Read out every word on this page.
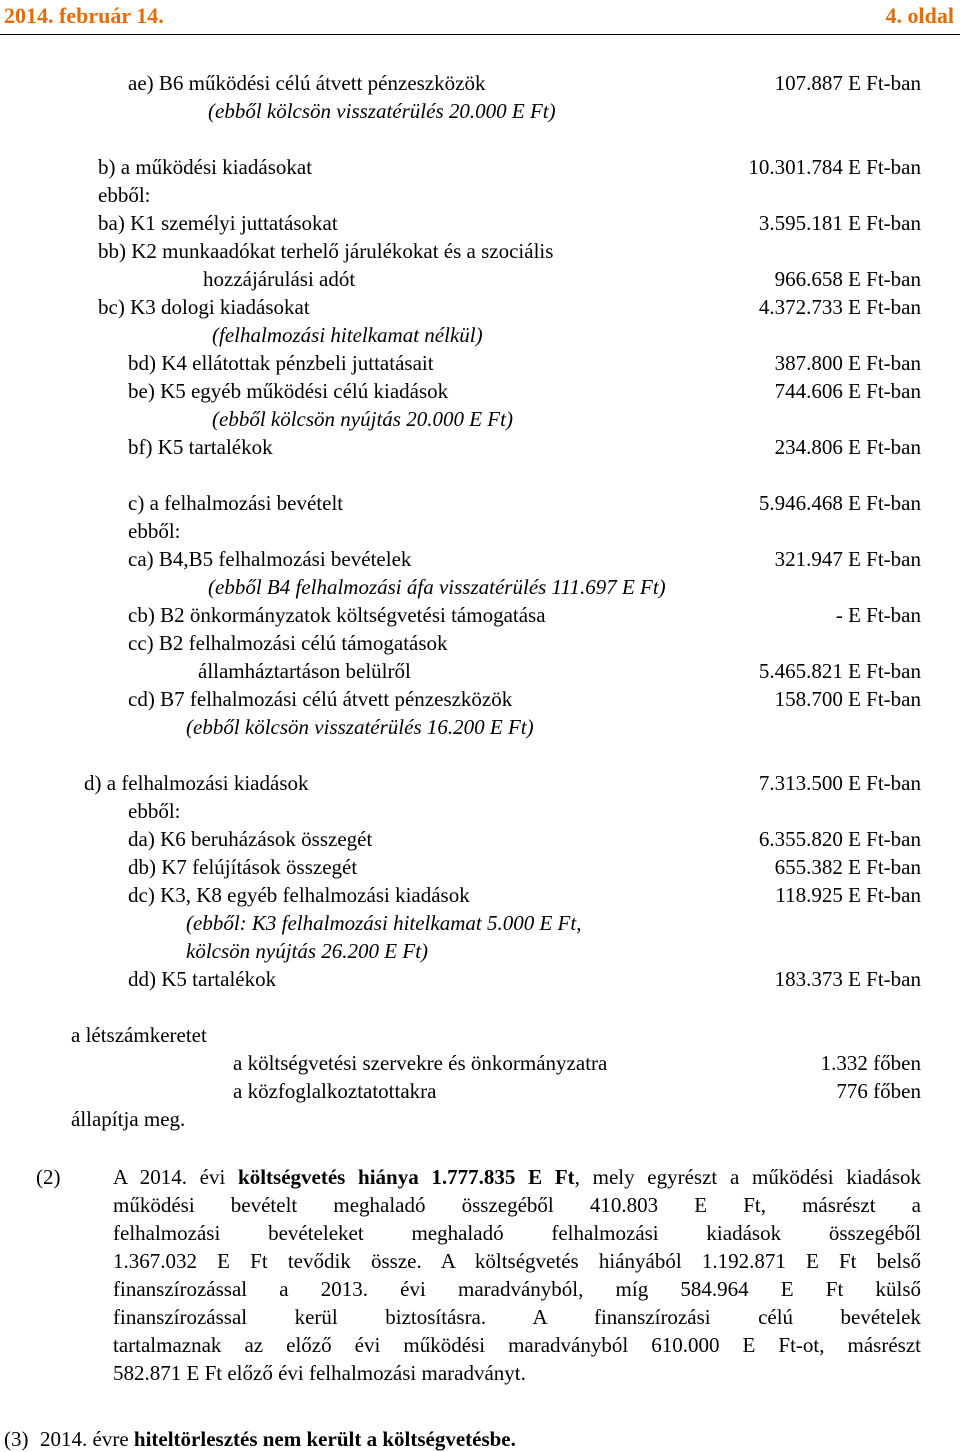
2014. február 14.	4. oldal
ae) B6 működési célú átvett pénzeszközök	107.887 E Ft-ban
(ebből kölcsön visszatérülés 20.000 E Ft)
b) a működési kiadásokat	10.301.784 E Ft-ban
ebből:
ba) K1 személyi juttatásokat	3.595.181 E Ft-ban
bb) K2 munkaadókat terhelő járulékokat és a szociális
hozzájárulási adót	966.658 E Ft-ban
bc) K3 dologi kiadásokat	4.372.733 E Ft-ban
(felhalmozási hitelkamat nélkül)
bd) K4 ellátottak pénzbeli juttatásait	387.800 E Ft-ban
be) K5 egyéb működési célú kiadások	744.606 E Ft-ban
(ebből kölcsön nyújtás 20.000 E Ft)
bf) K5 tartalékok	234.806 E Ft-ban
c) a felhalmozási bevételt	5.946.468 E Ft-ban
ebből:
ca) B4,B5 felhalmozási bevételek	321.947 E Ft-ban
(ebből B4 felhalmozási áfa visszatérülés 111.697 E Ft)
cb) B2 önkormányzatok költségvetési támogatása	- E Ft-ban
cc) B2 felhalmozási célú támogatások
államháztartáson belülről	5.465.821 E Ft-ban
cd) B7 felhalmozási célú átvett pénzeszközök	158.700 E Ft-ban
(ebből kölcsön visszatérülés 16.200 E Ft)
d) a felhalmozási kiadások	7.313.500 E Ft-ban
ebből:
da) K6 beruházások összegét	6.355.820 E Ft-ban
db) K7 felújítások összegét	655.382 E Ft-ban
dc) K3, K8 egyéb felhalmozási kiadások	118.925 E Ft-ban
(ebből: K3 felhalmozási hitelkamat 5.000 E Ft,
kölcsön nyújtás 26.200 E Ft)
dd) K5 tartalékok	183.373 E Ft-ban
a létszámkeretet
a költségvetési szervekre és önkormányzatra	1.332 főben
a közfoglalkoztatottakra	776 főben
állapítja meg.
(2)	A 2014. évi költségvetés hiánya 1.777.835 E Ft, mely egyrészt a működési kiadások
működési bevételt meghaladó összegéből 410.803 E Ft, másrészt a
felhalmozási bevételeket meghaladó felhalmozási kiadások összegéből
1.367.032 E Ft tevődik össze. A költségvetés hiányából 1.192.871 E Ft belső
finanszírozással a 2013. évi maradványból, míg 584.964 E Ft külső
finanszírozással kerül biztosításra. A finanszírozási célú bevételek
tartalmaznak az előző évi működési maradványból 610.000 E Ft-ot, másrészt
582.871 E Ft előző évi felhalmozási maradványt.
(3) 2014. évre hiteltörlesztés nem került a költségvetésbe.
